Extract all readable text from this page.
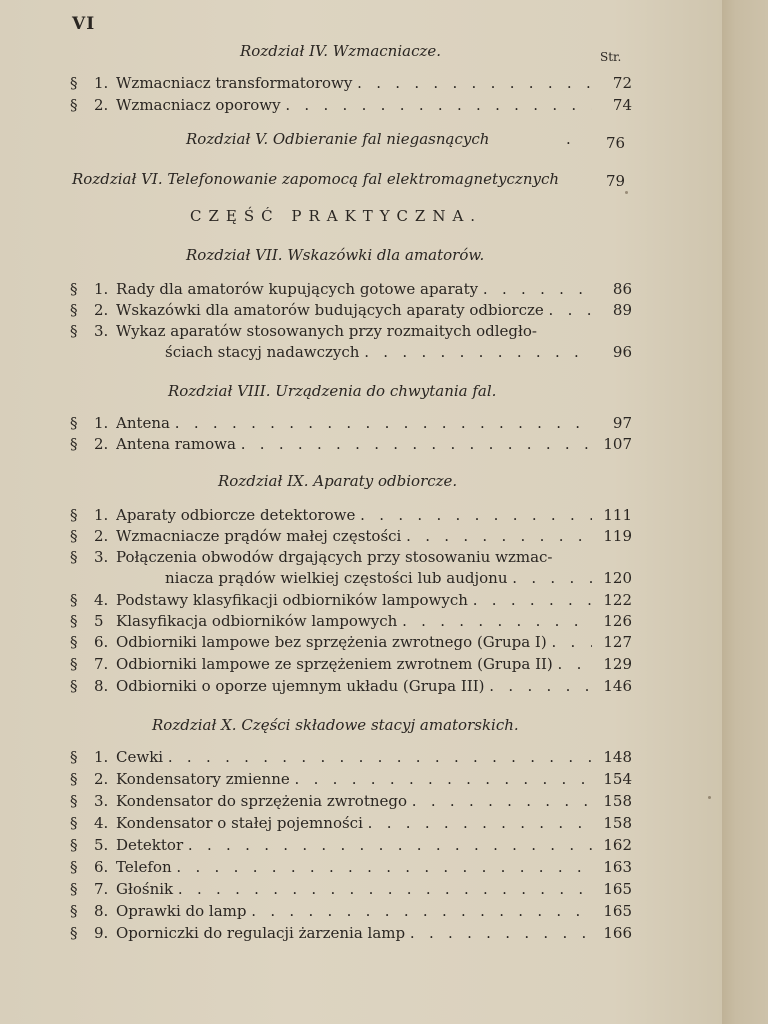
VI
Str.
Rozdział IV. Wzmacniacze.
§	1. Wzmacniacz transformatorowy . .	72
§	2. Wzmacniacz oporowy . .	74
Rozdział V. Odbieranie fal niegasnących	. 76
Rozdział VI. Telefonowanie zapomocą fal elektromagnetycznych	79
CZĘŚĆ PRAKTYCZNA.
Rozdział VII. Wskazówki dla amatorów.
§	1. Rady dla amatorów kupujących gotowe aparaty . .	86
§	2. Wskazówki dla amatorów budujących aparaty odbiorcze . .	89
§	3. Wykaz aparatów stosowanych przy rozmaitych odległo-
ściach stacyj nadawczych . .	96
Rozdział VIII. Urządzenia do chwytania fal.
§	1. Antena . .	97
§	2. Antena ramowa . .	107
Rozdział IX. Aparaty odbiorcze.
§	1. Aparaty odbiorcze detektorowe . .	111
§	2. Wzmacniacze prądów małej częstości . .	119
§	3. Połączenia obwodów drgających przy stosowaniu wzmac-
niacza prądów wielkiej częstości lub audjonu . .	120
§	4. Podstawy klasyfikacji odbiorników lampowych . .	122
§	5 Klasyfikacja odbiorników lampowych . .	126
§	6. Odbiorniki lampowe bez sprzężenia zwrotnego (Grupa I) . .	127
§	7. Odbiorniki lampowe ze sprzężeniem zwrotnem (Grupa II) . .	129
§	8. Odbiorniki o oporze ujemnym układu (Grupa III) . .	146
Rozdział X. Części składowe stacyj amatorskich.
§	1. Cewki . .	148
§	2. Kondensatory zmienne . .	154
§	3. Kondensator do sprzężenia zwrotnego . .	158
§	4. Kondensator o stałej pojemności . .	158
§	5. Detektor . .	162
§	6. Telefon . .	163
§	7. Głośnik . .	165
§	8. Oprawki do lamp . .	165
§	9. Oporniczki do regulacji żarzenia lamp . .	166
